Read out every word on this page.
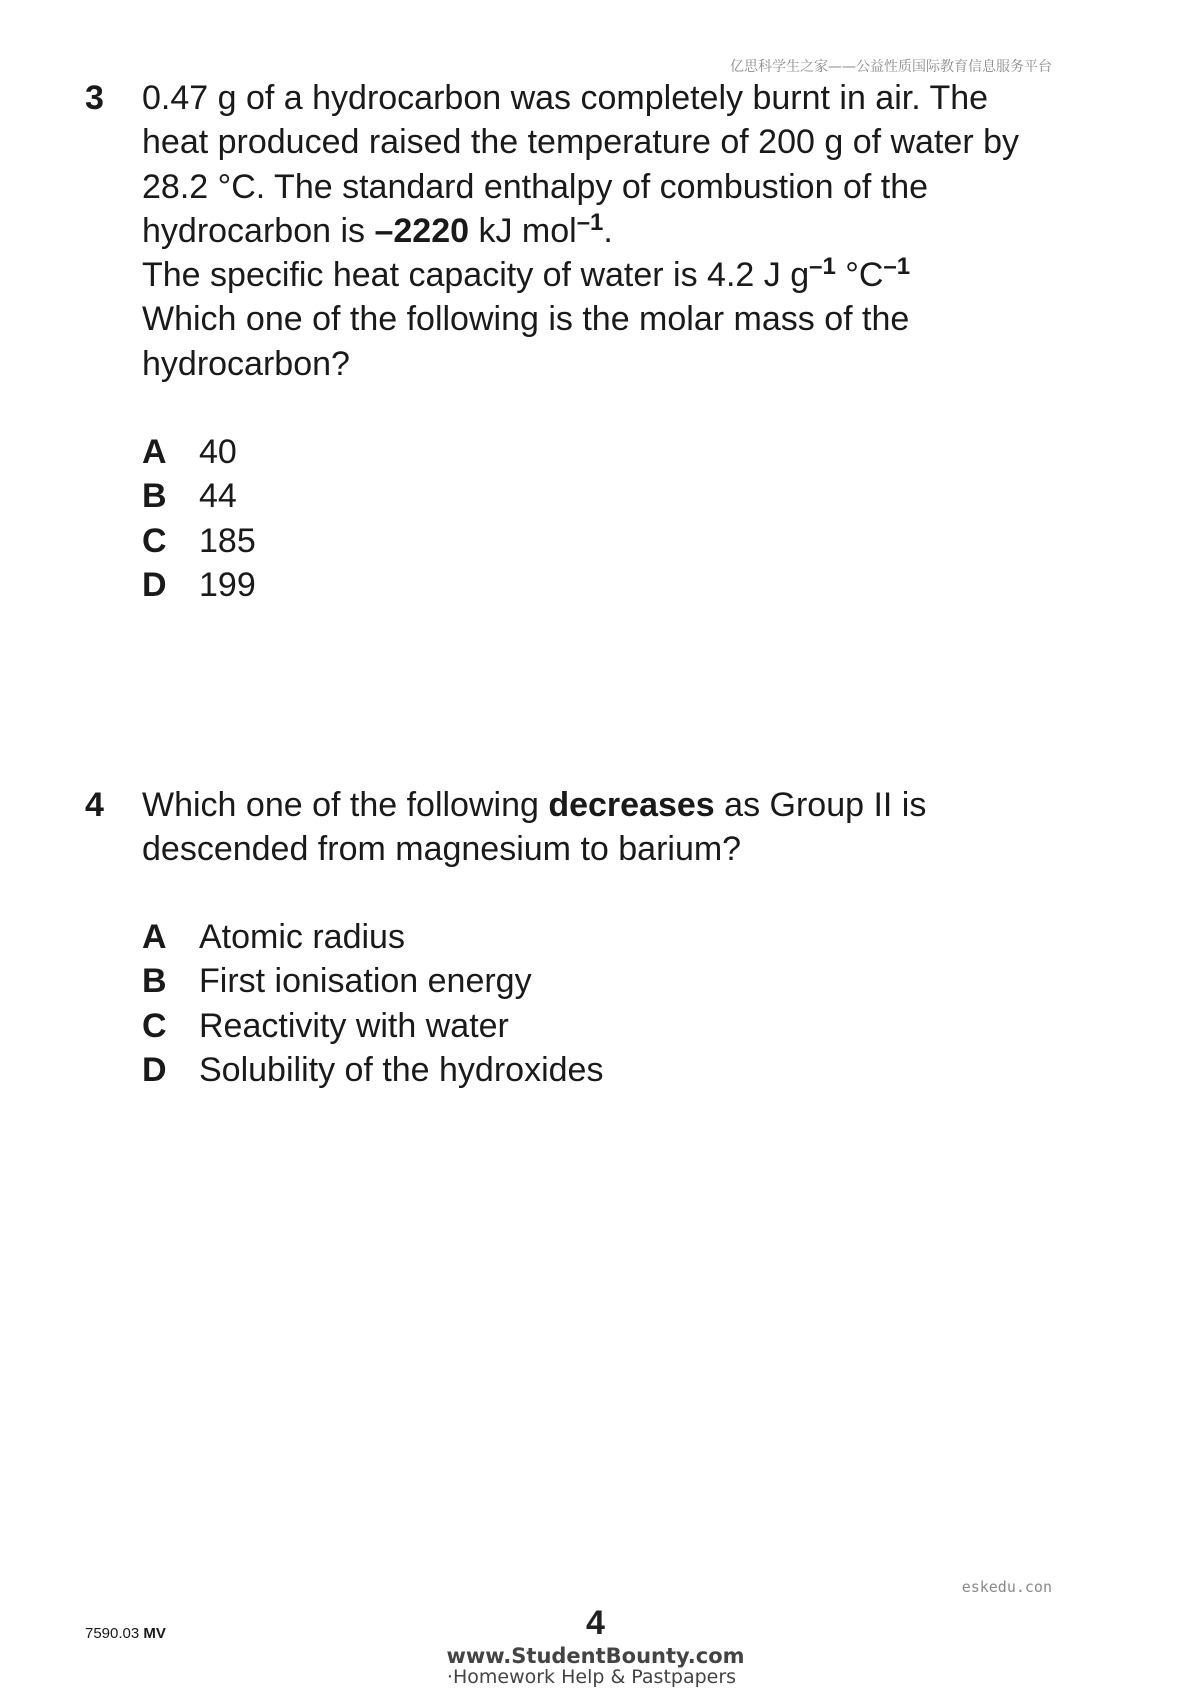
亿思科学生之家——公益性质国际教育信息服务平台
3 0.47 g of a hydrocarbon was completely burnt in air. The

heat produced raised the temperature of 200 g of water by

28.2 °C. The standard enthalpy of combustion of the

hydrocarbon is –2220 kJ mol$^{-1}$.

The specific heat capacity of water is 4.2 J $g^{-1}$ $^\circ C^{-1}$

Which one of the following is the molar mass of the

hydrocarbon?

A 40
B 44
C 185
D 199
4 Which one of the following decreases as Group II is

descended from magnesium to barium?

A Atomic radius
B First ionisation energy
C Reactivity with water
D Solubility of the hydroxides
eskedu.con
7590.03 MV	4
www.StudentBounty.com
·Homework Help & Pastpapers
